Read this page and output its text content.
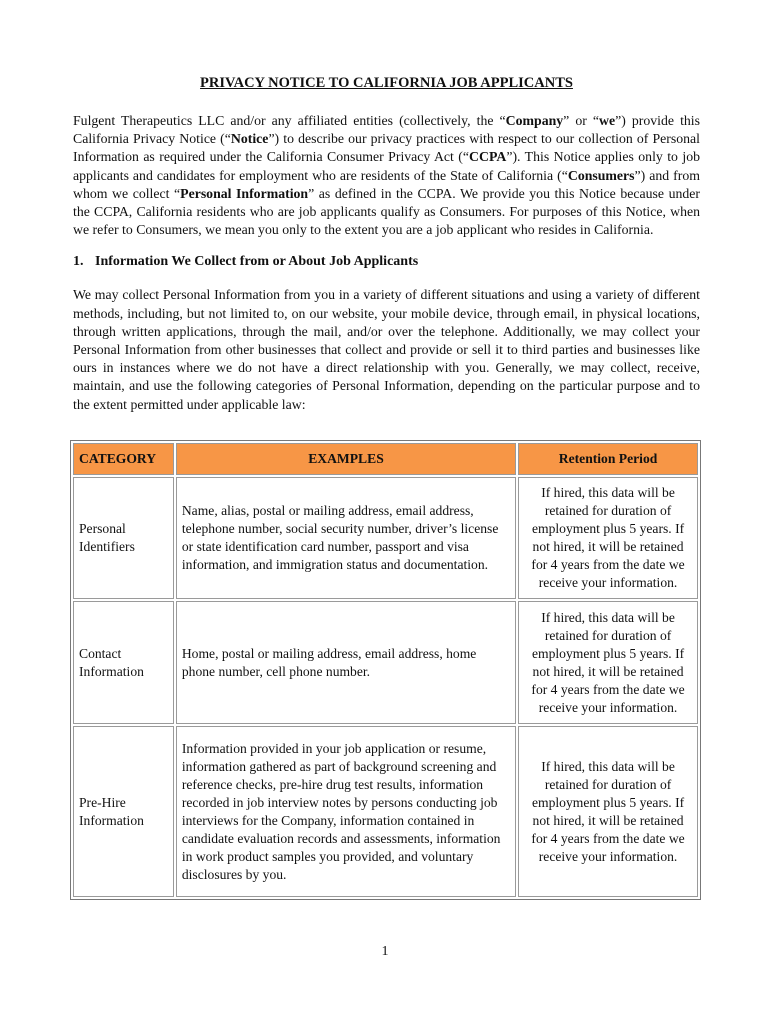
PRIVACY NOTICE TO CALIFORNIA JOB APPLICANTS

Fulgent Therapeutics LLC and/or any affiliated entities (collectively, the “Company” or “we”) provide this California Privacy Notice (“Notice”) to describe our privacy practices with respect to our collection of Personal Information as required under the California Consumer Privacy Act (“CCPA”). This Notice applies only to job applicants and candidates for employment who are residents of the State of California (“Consumers”) and from whom we collect “Personal Information” as defined in the CCPA. We provide you this Notice because under the CCPA, California residents who are job applicants qualify as Consumers. For purposes of this Notice, when we refer to Consumers, we mean you only to the extent you are a job applicant who resides in California.

1. Information We Collect from or About Job Applicants

We may collect Personal Information from you in a variety of different situations and using a variety of different methods, including, but not limited to, on our website, your mobile device, through email, in physical locations, through written applications, through the mail, and/or over the telephone. Additionally, we may collect your Personal Information from other businesses that collect and provide or sell it to third parties and businesses like ours in instances where we do not have a direct relationship with you. Generally, we may collect, receive, maintain, and use the following categories of Personal Information, depending on the particular purpose and to the extent permitted under applicable law:

CATEGORY	EXAMPLES	Retention Period
Personal Identifiers	Name, alias, postal or mailing address, email address, telephone number, social security number, driver’s license or state identification card number, passport and visa information, and immigration status and documentation.	If hired, this data will be retained for duration of employment plus 5 years. If not hired, it will be retained for 4 years from the date we receive your information.
Contact Information	Home, postal or mailing address, email address, home phone number, cell phone number.	If hired, this data will be retained for duration of employment plus 5 years. If not hired, it will be retained for 4 years from the date we receive your information.
Pre-Hire Information	Information provided in your job application or resume, information gathered as part of background screening and reference checks, pre-hire drug test results, information recorded in job interview notes by persons conducting job interviews for the Company, information contained in candidate evaluation records and assessments, information in work product samples you provided, and voluntary disclosures by you.	If hired, this data will be retained for duration of employment plus 5 years. If not hired, it will be retained for 4 years from the date we receive your information.
1
